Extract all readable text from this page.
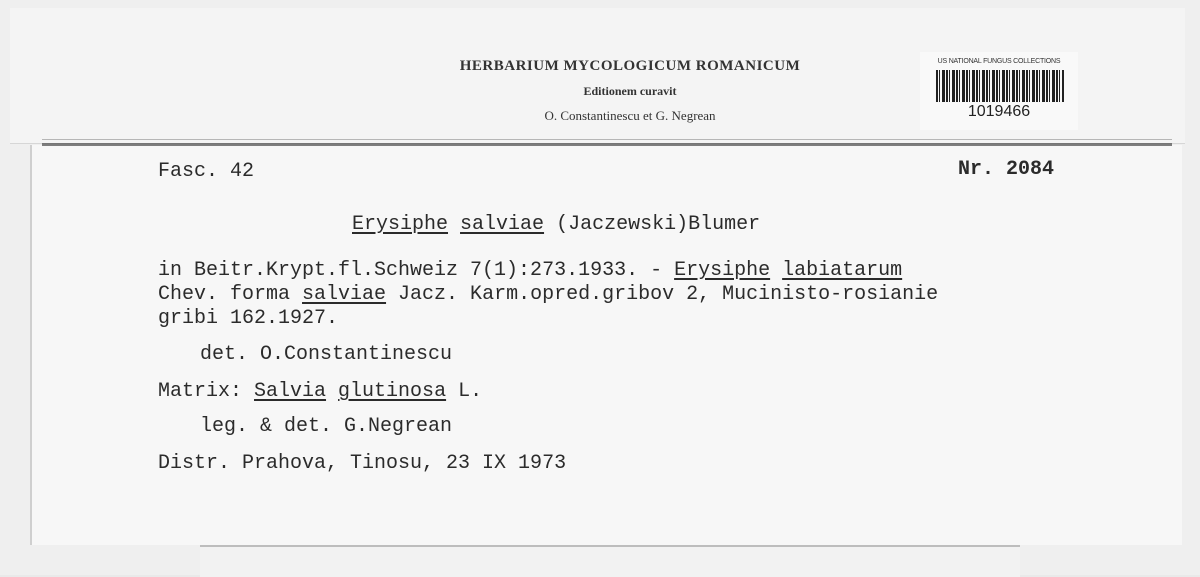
HERBARIUM MYCOLOGICUM ROMANICUM
Editionem curavit
O. Constantinescu et G. Negrean
US NATIONAL FUNGUS COLLECTIONS
1019466
Fasc. 42	Nr. 2084
Erysiphe salviae (Jaczewski)Blumer
in Beitr.Krypt.fl.Schweiz 7(1):273.1933. - Erysiphe labiatarum
Chev. forma salviae Jacz. Karm.opred.gribov 2, Mucinisto-rosianie
gribi 162.1927.
det. O.Constantinescu
Matrix: Salvia glutinosa L.
leg. & det. G.Negrean
Distr. Prahova, Tinosu, 23 IX 1973
